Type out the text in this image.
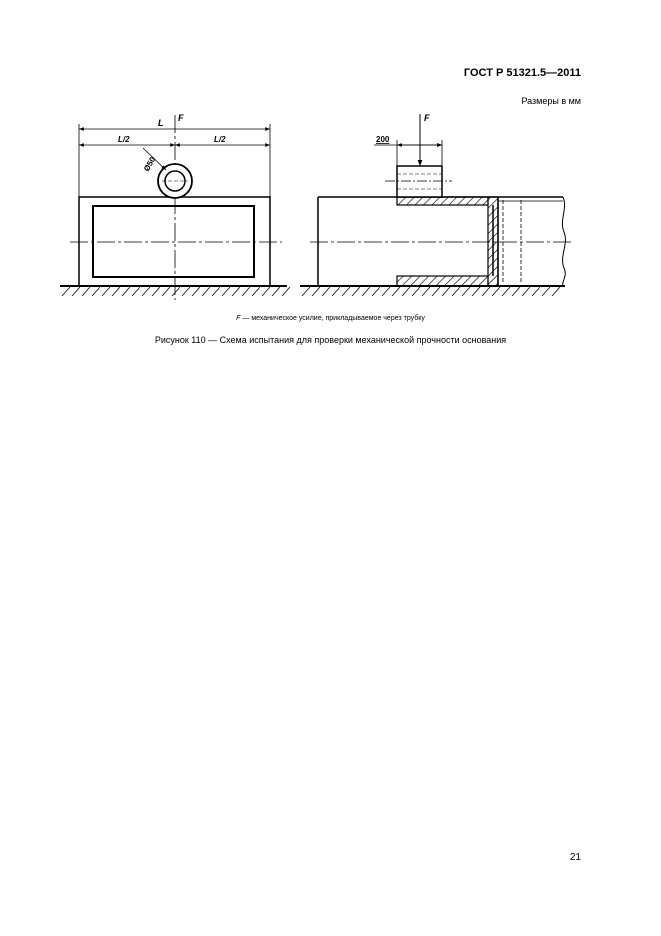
ГОСТ Р 51321.5—2011
Размеры в мм
L F
L/2	L/2
Ø50
F
200
F — механическое усилие, прикладываемое через трубку
Рисунок 110 — Схема испытания для проверки механической прочности основания
21
